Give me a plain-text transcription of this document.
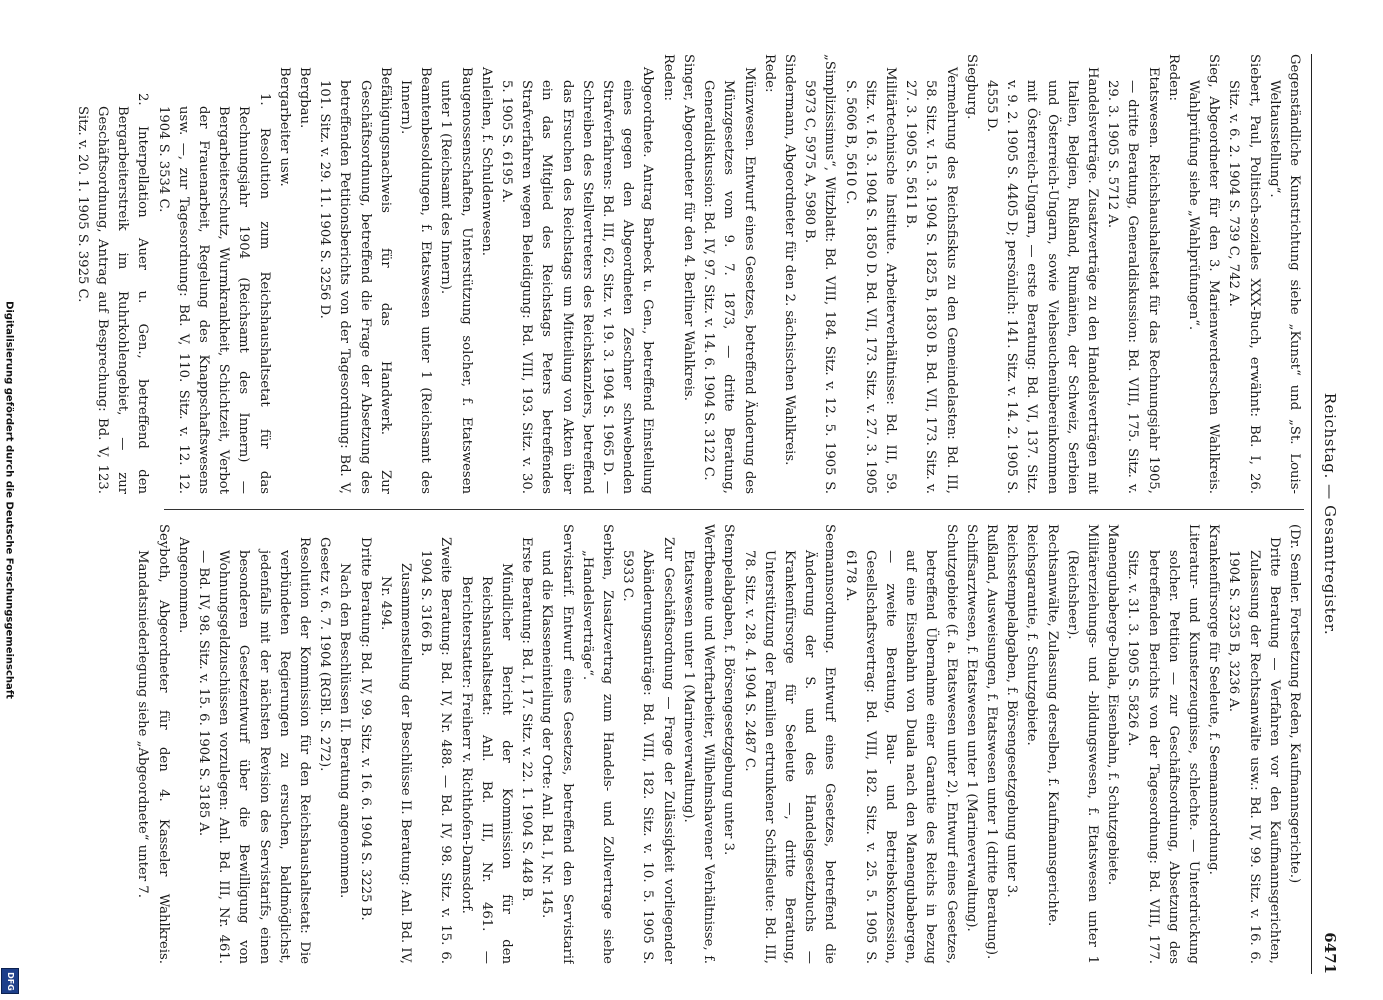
Digitalisierung gefördert durch die Deutsche Forschungsgemeinschaft
DFG
Reichstag. — Gesamtregister.
6471

Gegenständliche Kunstrichtung siehe „Kunst“ und „St. Louis-Weltausstellung“.

Siebert, Paul, Politisch-soziales XXX-Buch, erwähnt: Bd. I, 26. Sitz. v. 6. 2. 1904 S. 739 C, 742 A.

Sieg, Abgeordneter für den 3. Marienwerderschen Wahlkreis. Wahlprüfung siehe „Wahlprüfungen“.

Reden:

Etatswesen. Reichshaushaltsetat für das Rechnungsjahr 1905, — dritte Beratung, Generaldiskussion: Bd. VIII, 175. Sitz. v. 29. 3. 1905 S. 5712 A.

Handelsverträge. Zusatzverträge zu den Handelsverträgen mit Italien, Belgien, Rußland, Rumänien, der Schweiz, Serbien und Österreich-Ungarn, sowie Viehseuchenübereinkommen mit Österreich-Ungarn, — erste Beratung: Bd. VI, 137. Sitz. v. 9. 2. 1905 S. 4405 D; persönlich: 141. Sitz. v. 14. 2. 1905 S. 4555 D.

Siegburg.

Vermehrung des Reichsfiskus zu den Gemeindelasten: Bd. III, 58. Sitz. v. 15. 3. 1904 S. 1825 B, 1830 B. Bd. VII, 173. Sitz. v. 27. 3. 1905 S. 5611 B.

Militärtechnische Institute. Arbeiterverhältnisse: Bd. III, 59. Sitz. v. 16. 3. 1904 S. 1850 D. Bd. VII, 173. Sitz. v. 27. 3. 1905 S. 5606 B, 5610 C.

„Simplizissimus“, Witzblatt: Bd. VIII, 184. Sitz. v. 12. 5. 1905 S. 5973 C, 5975 A, 5980 B.

Sindermann, Abgeordneter für den 2. sächsischen Wahlkreis.

Rede:

Münzwesen. Entwurf eines Gesetzes, betreffend Änderung des Münzgesetzes vom 9. 7. 1873, — dritte Beratung, Generaldiskussion: Bd. IV, 97. Sitz. v. 14. 6. 1904 S. 3122 C.

Singer, Abgeordneter für den 4. Berliner Wahlkreis.

Reden:

Abgeordnete. Antrag Barbeck u. Gen., betreffend Einstellung eines gegen den Abgeordneten Zeschner schwebenden Strafverfahrens: Bd. III, 62. Sitz. v. 19. 3. 1904 S. 1965 D. — Schreiben des Stellvertreters des Reichskanzlers, betreffend das Ersuchen des Reichstags um Mitteilung von Akten über ein das Mitglied des Reichstags Peters betreffendes Strafverfahren wegen Beleidigung: Bd. VIII, 193. Sitz. v. 30. 5. 1905 S. 6195 A.

Anleihen, f. Schuldenwesen.

Baugenossenschaften, Unterstützung solcher, f. Etatswesen unter 1 (Reichsamt des Innern).

Beamtenbesoldungen, f. Etatswesen unter 1 (Reichsamt des Innern).

Befähigungsnachweis für das Handwerk. Zur Geschäftsordnung, betreffend die Frage der Absetzung des betreffenden Petitionsberichts von der Tagesordnung: Bd. V, 101. Sitz. v. 29. 11. 1904 S. 3256 D.

Bergbau.

Bergarbeiter usw.

1. Resolution zum Reichshaushaltsetat für das Rechnungsjahr 1904 (Reichsamt des Innern) — Bergarbeiterschutz, Wurmkrankheit, Schichtzeit, Verbot der Frauenarbeit, Regelung des Knappschaftswesens usw. —, zur Tagesordnung: Bd. V, 110. Sitz. v. 12. 12. 1904 S. 3534 C.

2. Interpellation Auer u. Gen., betreffend den Bergarbeiterstreik im Ruhrkohlengebiet, — zur Geschäftsordnung, Antrag auf Besprechung: Bd. V, 123. Sitz. v. 20. 1. 1905 S. 3925 C.

(Dr. Semler. Fortsetzung Reden, Kaufmannsgerichte.)

Dritte Beratung — Verfahren vor den Kaufmannsgerichten, Zulassung der Rechtsanwälte usw.: Bd. IV, 99. Sitz. v. 16. 6. 1904 S. 3235 B, 3236 A.

Krankenfürsorge für Seeleute, f. Seemannsordnung.

Literatur- und Kunsterzeugnisse, schlechte. — Unterdrückung solcher. Petition — zur Geschäftsordnung, Absetzung des betreffenden Berichts von der Tagesordnung: Bd. VIII, 177. Sitz. v. 31. 3. 1905 S. 5826 A.

Manengubaberge-Duala, Eisenbahn, f. Schutzgebiete.

Militärerziehungs- und -bildungswesen, f. Etatswesen unter 1 (Reichsheer).

Rechtsanwälte, Zulassung derselben, f. Kaufmannsgerichte.

Reichsgarantie, f. Schutzgebiete.

Reichsstempelabgaben, f. Börsengesetzgebung unter 3.

Rußland, Ausweisungen, f. Etatswesen unter 1 (dritte Beratung).

Schiffsarztwesen, f. Etatswesen unter 1 (Marineverwaltung).

Schutzgebiete (f. a. Etatswesen unter 2). Entwurf eines Gesetzes, betreffend Übernahme einer Garantie des Reichs in bezug auf eine Eisenbahn von Duala nach den Manengubabergen, — zweite Beratung, Bau- und Betriebskonzession, Gesellschaftsvertrag: Bd. VIII, 182. Sitz. v. 25. 5. 1905 S. 6178 A.

Seemannsordnung. Entwurf eines Gesetzes, betreffend die Änderung der S. und des Handelsgesetzbuchs — Krankenfürsorge für Seeleute —, dritte Beratung, Unterstützung der Familien ertrunkener Schiffsleute: Bd. III, 78. Sitz. v. 28. 4. 1904 S. 2487 C.

Stempelabgaben, f. Börsengesetzgebung unter 3.

Werftbeamte und Werftarbeiter, Wilhelmshavener Verhältnisse, f. Etatswesen unter 1 (Marineverwaltung).

Zur Geschäftsordnung — Frage der Zulässigkeit vorliegender Abänderungsanträge: Bd. VIII, 182. Sitz. v. 10. 5. 1905 S. 5933 C.

Serbien, Zusatzvertrag zum Handels- und Zollvertrage siehe „Handelsverträge“.

Servistarif. Entwurf eines Gesetzes, betreffend den Servistarif und die Klasseneinteilung der Orte: Anl. Bd. I, Nr. 145.

Erste Beratung: Bd. I, 17. Sitz. v. 22. 1. 1904 S. 448 B.

Mündlicher Bericht der Kommission für den Reichshaushaltsetat: Anl. Bd. III, Nr. 461. — Berichterstatter: Freiherr v. Richthofen-Damsdorf.

Zweite Beratung: Bd. IV, Nr. 488. — Bd. IV, 98. Sitz. v. 15. 6. 1904 S. 3166 B.

Zusammenstellung der Beschlüsse II. Beratung: Anl. Bd. IV, Nr. 494.

Dritte Beratung: Bd. IV, 99. Sitz. v. 16. 6. 1904 S. 3225 B.

Nach den Beschlüssen II. Beratung angenommen.

Gesetz v. 6. 7. 1904 (RGBl. S. 272).

Resolution der Kommission für den Reichshaushaltsetat: Die verbündeten Regierungen zu ersuchen, baldmöglichst, jedenfalls mit der nächsten Revision des Servistarifs, einen besonderen Gesetzentwurf über die Bewilligung von Wohnungsgeldzuschüssen vorzulegen: Anl. Bd. III, Nr. 461. — Bd. IV, 98. Sitz. v. 15. 6. 1904 S. 3185 A.

Angenommen.

Seyboth, Abgeordneter für den 4. Kasseler Wahlkreis. Mandatsniederlegung siehe „Abgeordnete“ unter 7.
